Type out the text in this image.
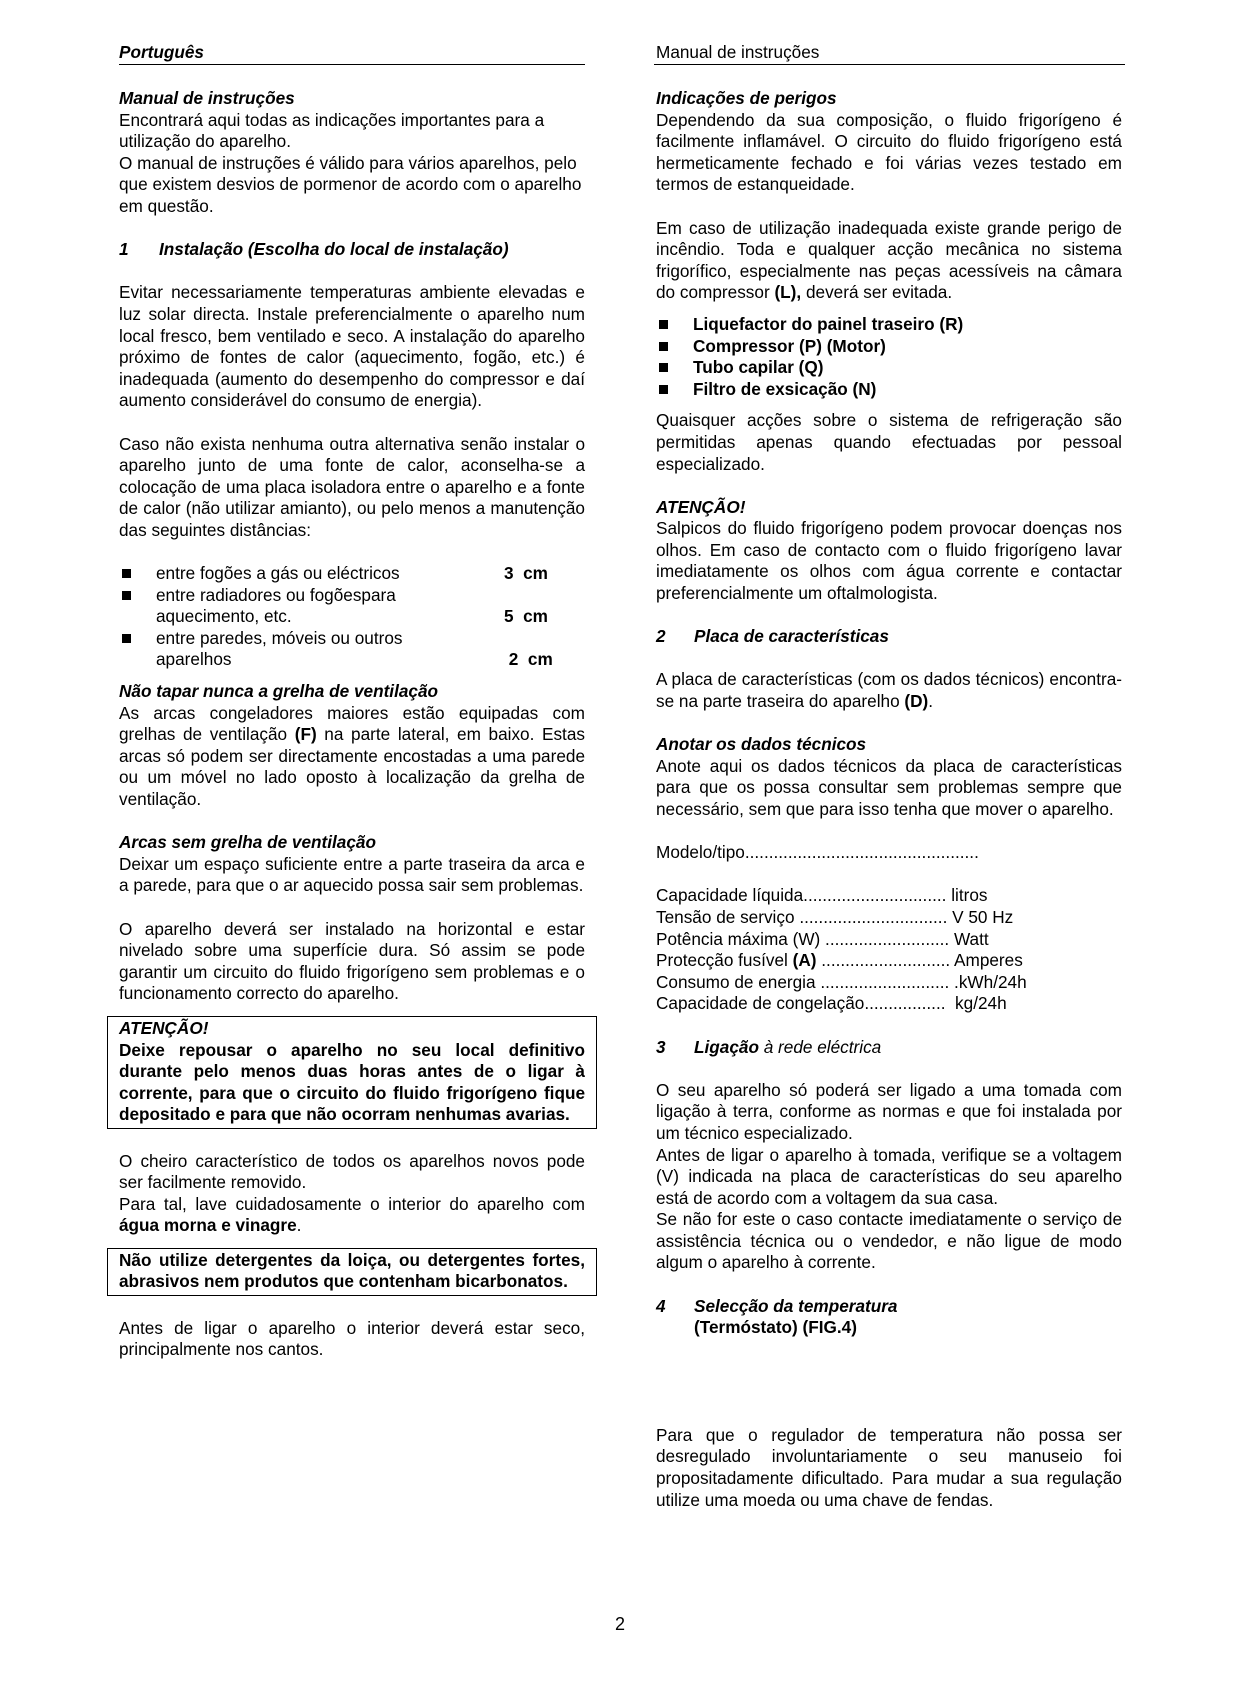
Português

Manual de instruções

Encontrará aqui todas as indicações importantes para a utilização do aparelho.

O manual de instruções é válido para vários aparelhos, pelo que existem desvios de pormenor de acordo com o aparelho em questão.

1	Instalação (Escolha do local de instalação)

Evitar necessariamente temperaturas ambiente elevadas e luz solar directa. Instale preferencialmente o aparelho num local fresco, bem ventilado e seco. A instalação do aparelho próximo de fontes de calor (aquecimento, fogão, etc.) é inadequada (aumento do desempenho do compressor e daí aumento considerável do consumo de energia).

Caso não exista nenhuma outra alternativa senão instalar o aparelho junto de uma fonte de calor, aconselha-se a colocação de uma placa isoladora entre o aparelho e a fonte de calor (não utilizar amianto), ou pelo menos a manutenção das seguintes distâncias:

entre fogões a gás ou eléctricos	3  cm
entre radiadores ou fogõespara aquecimento, etc.	5  cm
entre paredes, móveis ou outros aparelhos	2  cm

Não tapar nunca a grelha de ventilação

As arcas congeladores maiores estão equipadas com grelhas de ventilação (F) na parte lateral, em baixo. Estas arcas só podem ser directamente encostadas a uma parede ou um móvel no lado oposto à localização da grelha de ventilação.

Arcas sem grelha de ventilação

Deixar um espaço suficiente entre a parte traseira da arca e a parede, para que o ar aquecido possa sair sem problemas.

O aparelho deverá ser instalado na horizontal e estar nivelado sobre uma superfície dura. Só assim se pode garantir um circuito do fluido frigorígeno sem problemas e o funcionamento correcto do aparelho.

ATENÇÃO!

Deixe repousar o aparelho no seu local definitivo durante pelo menos duas horas antes de o ligar à corrente, para que o circuito do fluido frigorígeno fique depositado e para que não ocorram nenhumas avarias.

O cheiro característico de todos os aparelhos novos pode ser facilmente removido.

Para tal, lave cuidadosamente o interior do aparelho com água morna e vinagre.

Não utilize detergentes da loiça, ou detergentes fortes, abrasivos nem produtos que contenham bicarbonatos.

Antes de ligar o aparelho o interior deverá estar seco, principalmente nos cantos.

Manual de instruções

Indicações de perigos

Dependendo da sua composição, o fluido frigorígeno é facilmente inflamável. O circuito do fluido frigorígeno está hermeticamente fechado e foi várias vezes testado em termos de estanqueidade.

Em caso de utilização inadequada existe grande perigo de incêndio. Toda e qualquer acção mecânica no sistema frigorífico, especialmente nas peças acessíveis na câmara do compressor (L), deverá ser evitada.

Liquefactor do painel traseiro (R)
Compressor (P) (Motor)
Tubo capilar (Q)
Filtro de exsicação (N)

Quaisquer acções sobre o sistema de refrigeração são permitidas apenas quando efectuadas por pessoal especializado.

ATENÇÃO!

Salpicos do fluido frigorígeno podem provocar doenças nos olhos. Em caso de contacto com o fluido frigorígeno lavar imediatamente os olhos com água corrente e contactar preferencialmente um oftalmologista.

2	Placa de características

A placa de características (com os dados técnicos) encontra-se na parte traseira do aparelho (D).

Anotar os dados técnicos

Anote aqui os dados técnicos da placa de características para que os possa consultar sem problemas sempre que necessário, sem que para isso tenha que mover o aparelho.

Modelo/tipo.................................................

Capacidade líquida.............................. litros

Tensão de serviço ............................... V 50 Hz

Potência máxima (W) .......................... Watt

Protecção fusível (A) ........................... Amperes

Consumo de energia ........................... .kWh/24h

Capacidade de congelação.................  kg/24h

3	Ligação à rede eléctrica

O seu aparelho só poderá ser ligado a uma tomada com ligação à terra, conforme as normas e que foi instalada por um técnico especializado.

Antes de ligar o aparelho à tomada, verifique se a voltagem (V) indicada na placa de características do seu aparelho está de acordo com a voltagem da sua casa.

Se não for este o caso contacte imediatamente o serviço de assistência técnica ou o vendedor, e não ligue de modo algum o aparelho à corrente.

4	Selecção da temperatura

(Termóstato) (FIG.4)

Para que o regulador de temperatura não possa ser desregulado involuntariamente o seu manuseio foi propositadamente dificultado. Para mudar a sua regulação utilize uma moeda ou uma chave de fendas.

2
